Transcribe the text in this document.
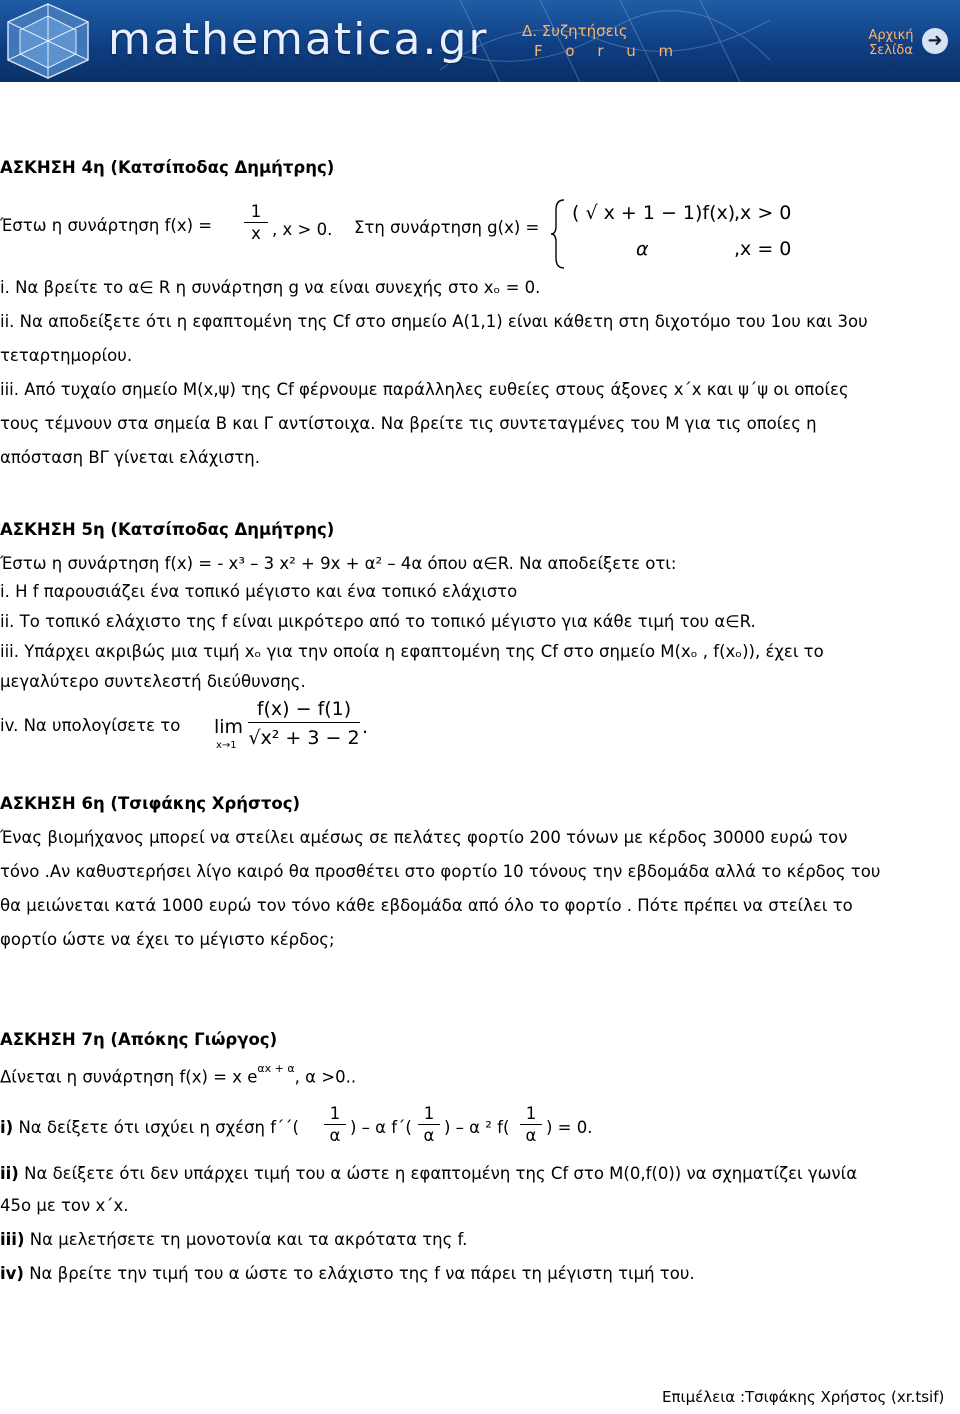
mathematica.gr Δ. Συζητήσεις
F o r u m
Αρχική
Σελίδα ➜
ΑΣΚΗΣΗ 4η (Κατσίποδας Δημήτρης)
Έστω η συνάρτηση $f(x) = \frac{1}{x}$ , x > 0. Στη συνάρτηση g(x) =
( √ x + 1 − 1)f(x)
,x > 0
α	,x = 0
i. Να βρείτε το α∈ R η συνάρτηση g να είναι συνεχής στο xₒ = 0.
ii. Να αποδείξετε ότι η εφαπτομένη της Cf στο σημείο Α(1,1) είναι κάθετη στη διχοτόμο του 1ου και 3ου
τεταρτημορίου.
iii. Από τυχαίο σημείο Μ(x,ψ) της Cf φέρνουμε παράλληλες ευθείες στους άξονες x΄x και ψ΄ψ οι οποίες
τους τέμνουν στα σημεία Β και Γ αντίστοιχα. Να βρείτε τις συντεταγμένες του Μ για τις οποίες η
απόσταση ΒΓ γίνεται ελάχιστη.
ΑΣΚΗΣΗ 5η (Κατσίποδας Δημήτρης)
Έστω η συνάρτηση f(x) = - x³ – 3 x² + 9x + α² – 4α όπου α∈R. Να αποδείξετε οτι:
i. Η f παρουσιάζει ένα τοπικό μέγιστο και ένα τοπικό ελάχιστο
ii. Το τοπικό ελάχιστο της f είναι μικρότερο από το τοπικό μέγιστο για κάθε τιμή του α∈R.
iii. Υπάρχει ακριβώς μια τιμή xₒ για την οποία η εφαπτομένη της Cf στο σημείο Μ(xₒ , f(xₒ)), έχει το
μεγαλύτερο συντελεστή διεύθυνσης.
iv. Να υπολογίσετε το lim
$x\to 1 \frac{f(x) - f(1)}{\text{√x² + 3 − 2}}$ .
ΑΣΚΗΣΗ 6η (Τσιφάκης Χρήστος)
Ένας βιομήχανος μπορεί να στείλει αμέσως σε πελάτες φορτίο 200 τόνων με κέρδος 30000 ευρώ τον
τόνο .Αν καθυστερήσει λίγο καιρό θα προσθέτει στο φορτίο 10 τόνους την εβδομάδα αλλά το κέρδος του
θα μειώνεται κατά 1000 ευρώ τον τόνο κάθε εβδομάδα από όλο το φορτίο . Πότε πρέπει να στείλει το
φορτίο ώστε να έχει το μέγιστο κέρδος;
ΑΣΚΗΣΗ 7η (Απόκης Γιώργος)
Δίνεται η συνάρτηση f(x) = x $e^{\alpha x + \alpha}$, α >0..
i) Να δείξετε ότι ισχύει η σχέση $f΄΄( \frac{1}{\alpha}$ ) – α $f΄( \frac{1}{\alpha}$ ) – α ² $f( \frac{1}{\alpha}$ ) = 0.
ii) Να δείξετε ότι δεν υπάρχει τιμή του α ώστε η εφαπτομένη της Cf στο Μ(0,f(0)) να σχηματίζει γωνία
45ο με τον x΄x.
iii) Να μελετήσετε τη μονοτονία και τα ακρότατα της f.
iv) Να βρείτε την τιμή του α ώστε το ελάχιστο της f να πάρει τη μέγιστη τιμή του.
Επιμέλεια :Τσιφάκης Χρήστος (xr.tsif)
